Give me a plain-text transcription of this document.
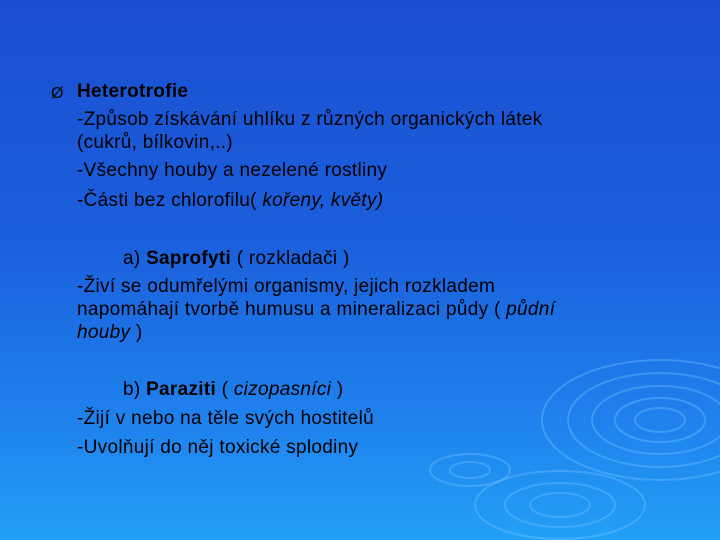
Ø Heterotrofie
-Způsob získávání uhlíku z různých organických látek
(cukrů, bílkovin,..)
-Všechny houby a nezelené rostliny
-Části bez chlorofilu( kořeny, květy)
a) Saprofyti ( rozkladači )
-Živí se odumřelými organismy, jejich rozkladem
napomáhají tvorbě humusu a mineralizaci půdy ( půdní
houby )
b) Paraziti ( cizopasníci )
-Žijí v nebo na těle svých hostitelů
-Uvolňují do něj toxické splodiny
